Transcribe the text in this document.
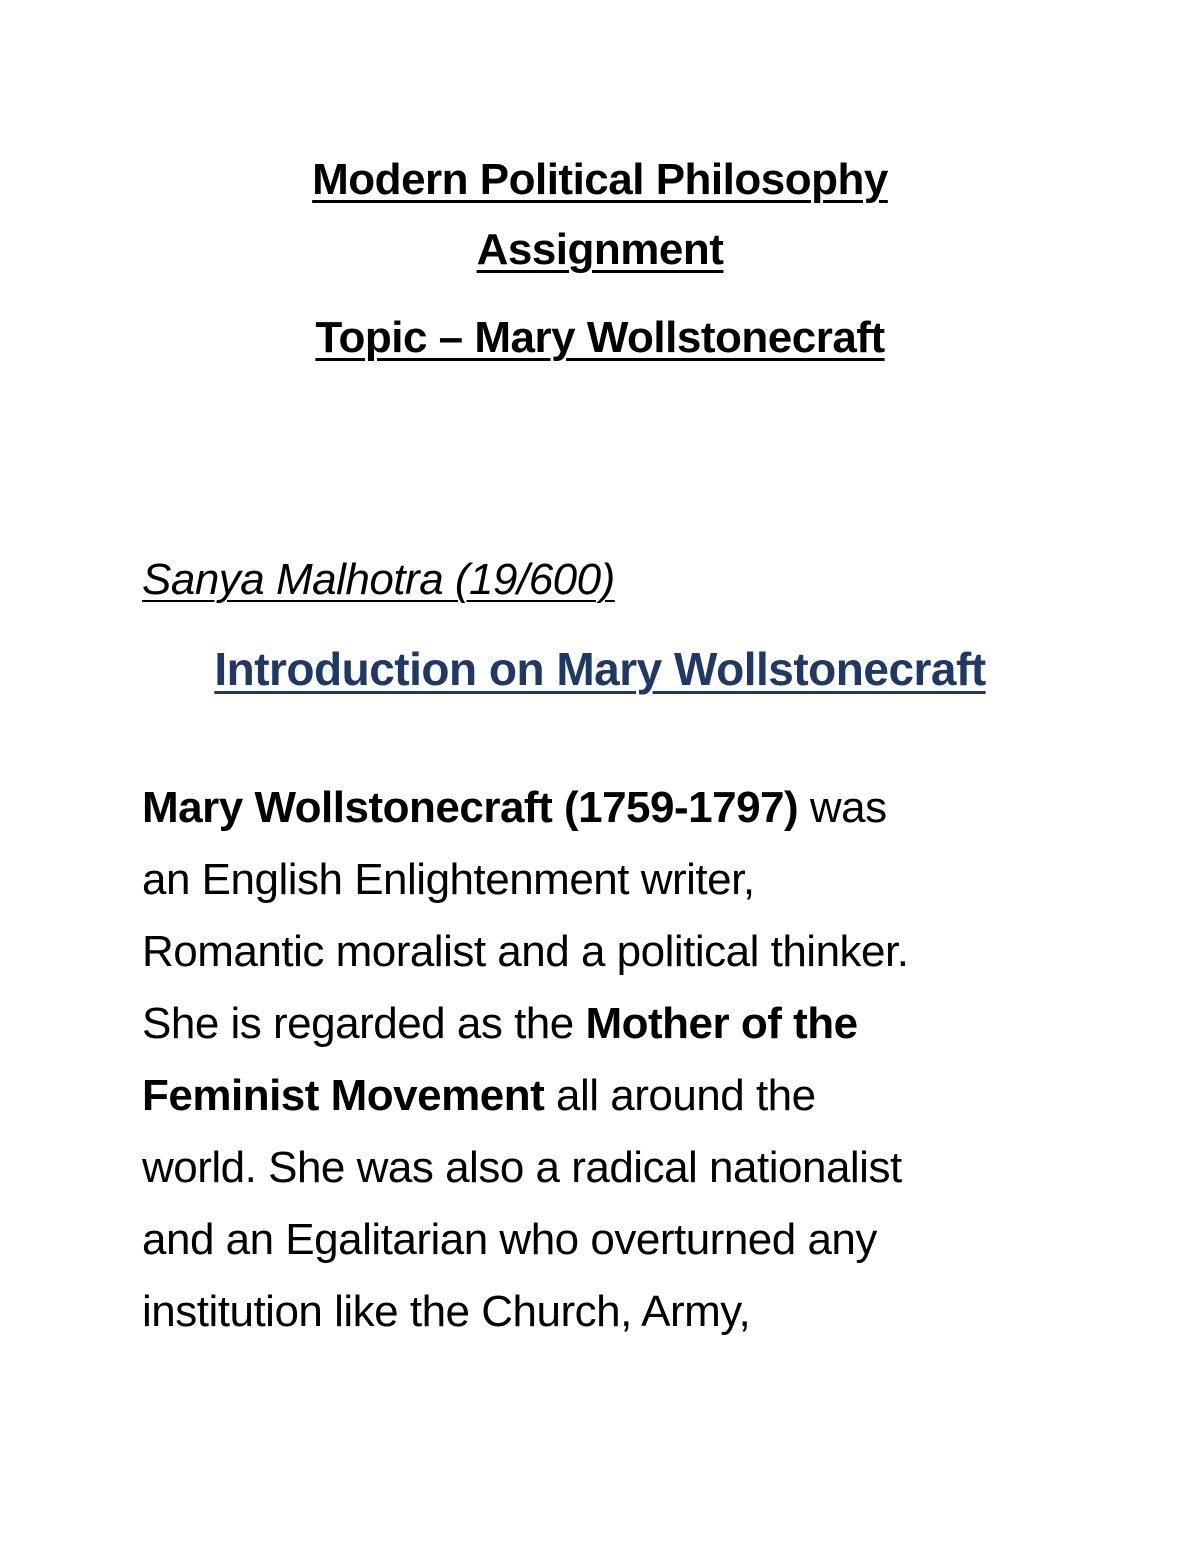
Modern Political Philosophy
Assignment
Topic – Mary Wollstonecraft
Sanya Malhotra (19/600)
Introduction on Mary Wollstonecraft
Mary Wollstonecraft (1759-1797) was
an English Enlightenment writer,
Romantic moralist and a political thinker.
She is regarded as the Mother of the
Feminist Movement all around the
world. She was also a radical nationalist
and an Egalitarian who overturned any
institution like the Church, Army,
